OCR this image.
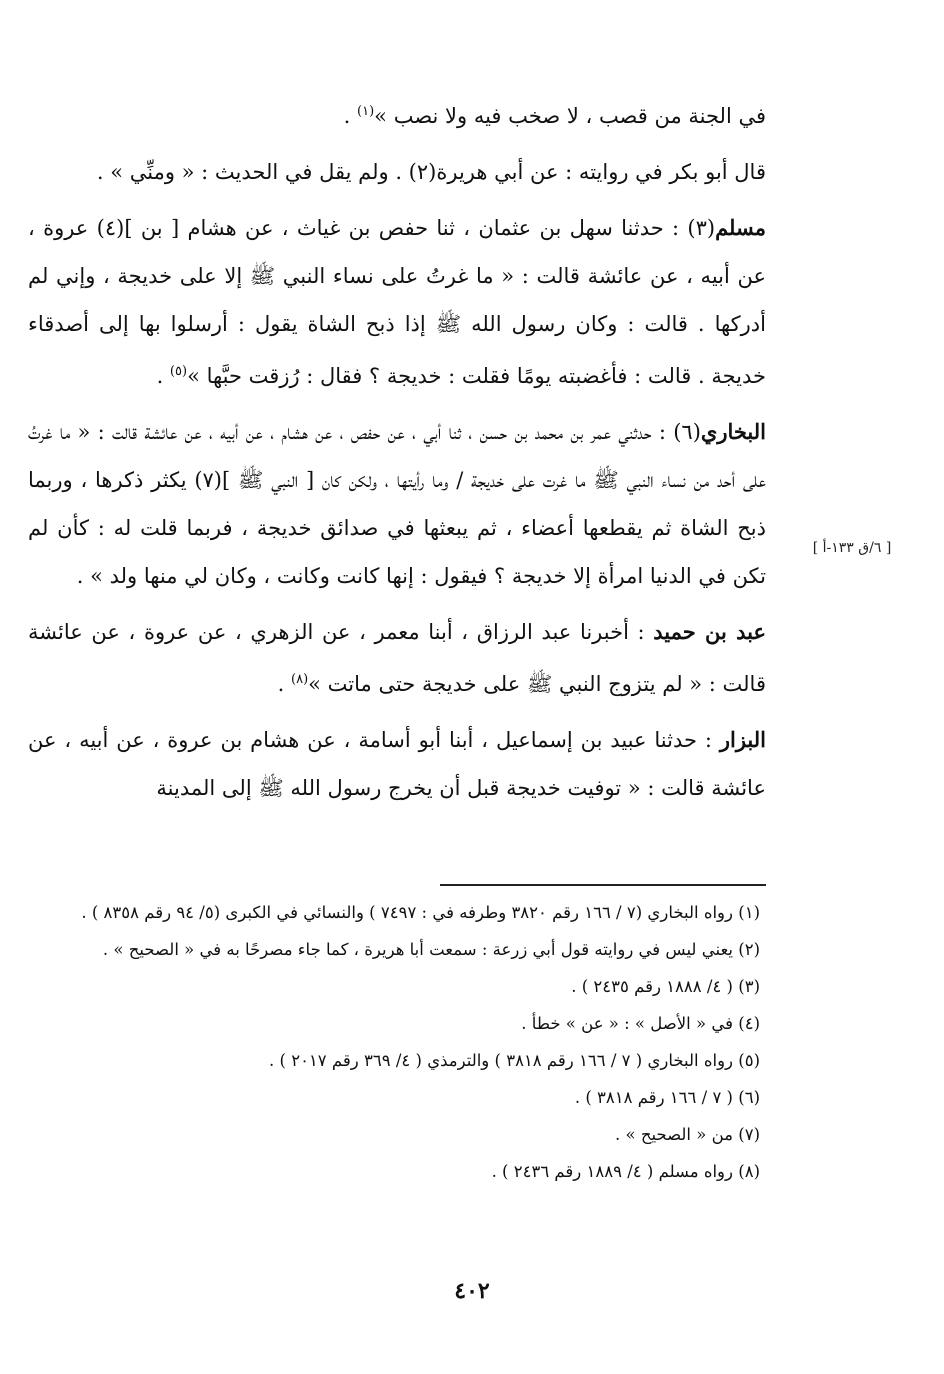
في الجنة من قصب ، لا صخب فيه ولا نصب »$^{(١)}$ .

قال أبو بكر في روايته : عن أبي هريرة(٢) . ولم يقل في الحديث : « ومنِّي » .

مسلم(٣) : حدثنا سهل بن عثمان ، ثنا حفص بن غياث ، عن هشام [ بن ](٤) عروة ، عن أبيه ، عن عائشة قالت : « ما غرتُ على نساء النبي ﷺ إلا على خديجة ، وإني لم أدركها . قالت : وكان رسول الله ﷺ إذا ذبح الشاة يقول : أرسلوا بها إلى أصدقاء خديجة . قالت : فأغضبته يومًا فقلت : خديجة ؟ فقال : رُزقت حبَّها »$^{(٥)}$ .

البخاري(٦) : حدثني عمر بن محمد بن حسن ، ثنا أبي ، عن حفص ، عن هشام ، عن أبيه ، عن عائشة قالت : « ما غرتُ على أحد من نساء النبي ﷺ ما غرت على خديجة / وما رأيتها ، ولكن كان [ النبي ﷺ ](٧) يكثر ذكرها ، وربما ذبح الشاة ثم يقطعها أعضاء ، ثم يبعثها في صدائق خديجة ، فربما قلت له : كأن لم تكن في الدنيا امرأة إلا خديجة ؟ فيقول : إنها كانت وكانت ، وكان لي منها ولد » .

عبد بن حميد : أخبرنا عبد الرزاق ، أبنا معمر ، عن الزهري ، عن عروة ، عن عائشة قالت : « لم يتزوج النبي ﷺ على خديجة حتى ماتت »$^{(٨)}$ .

البزار : حدثنا عبيد بن إسماعيل ، أبنا أبو أسامة ، عن هشام بن عروة ، عن أبيه ، عن عائشة قالت : « توفيت خديجة قبل أن يخرج رسول الله ﷺ إلى المدينة

[ ٦/ق ١٣٣-أ ]

(١) رواه البخاري (٧ / ١٦٦ رقم ٣٨٢٠ وطرفه في : ٧٤٩٧ ) والنسائي في الكبرى (٥/ ٩٤ رقم ٨٣٥٨ ) .

(٢) يعني ليس في روايته قول أبي زرعة : سمعت أبا هريرة ، كما جاء مصرحًا به في « الصحيح » .

(٣) ( ٤/ ١٨٨٨ رقم ٢٤٣٥ ) .

(٤) في « الأصل » : « عن » خطأ .

(٥) رواه البخاري ( ٧ / ١٦٦ رقم ٣٨١٨ ) والترمذي ( ٤/ ٣٦٩ رقم ٢٠١٧ ) .

(٦) ( ٧ / ١٦٦ رقم ٣٨١٨ ) .

(٧) من « الصحيح » .

(٨) رواه مسلم ( ٤/ ١٨٨٩ رقم ٢٤٣٦ ) .

٤٠٢
